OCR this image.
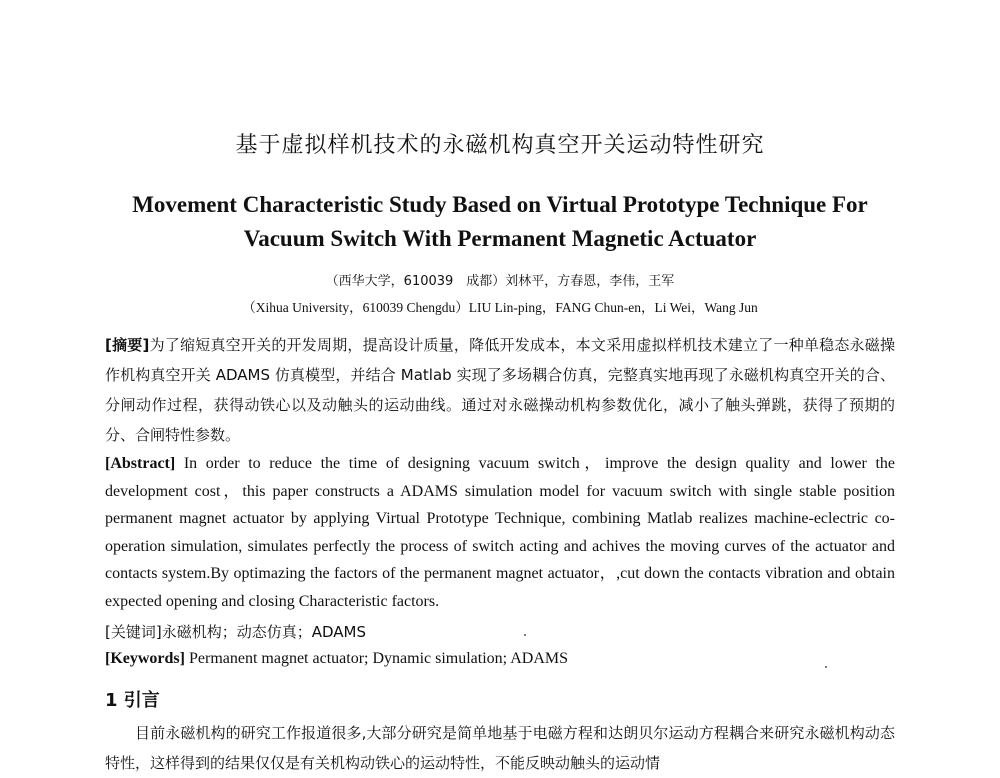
基于虚拟样机技术的永磁机构真空开关运动特性研究
Movement Characteristic Study Based on Virtual Prototype Technique For
Vacuum Switch With Permanent Magnetic Actuator
（西华大学，610039　成都）刘林平，方春恩，李伟，王军
（Xihua University，610039 Chengdu）LIU Lin-ping，FANG Chun-en，Li Wei，Wang Jun

[摘要]为了缩短真空开关的开发周期，提高设计质量，降低开发成本，本文采用虚拟样机技术建立了一种单稳态永磁操作机构真空开关 ADAMS 仿真模型，并结合 Matlab 实现了多场耦合仿真，完整真实地再现了永磁机构真空开关的合、分闸动作过程，获得动铁心以及动触头的运动曲线。通过对永磁操动机构参数优化，减小了触头弹跳，获得了预期的分、合闸特性参数。

[Abstract] In order to reduce the time of designing vacuum switch，improve the design quality and lower the development cost，this paper constructs a ADAMS simulation model for vacuum switch with single stable position permanent magnet actuator by applying Virtual Prototype Technique, combining Matlab realizes machine-eclectric co-operation simulation, simulates perfectly the process of switch acting and achives the moving curves of the actuator and contacts system.By optimazing the factors of the permanent magnet actuator，,cut down the contacts vibration and obtain expected opening and closing Characteristic factors.

[关键词]永磁机构；动态仿真；ADAMS

[Keywords] Permanent magnet actuator; Dynamic simulation; ADAMS

1 引言

目前永磁机构的研究工作报道很多,大部分研究是简单地基于电磁方程和达朗贝尔运动方程耦合来研究永磁机构动态特性，这样得到的结果仅仅是有关机构动铁心的运动特性，不能反映动触头的运动情
